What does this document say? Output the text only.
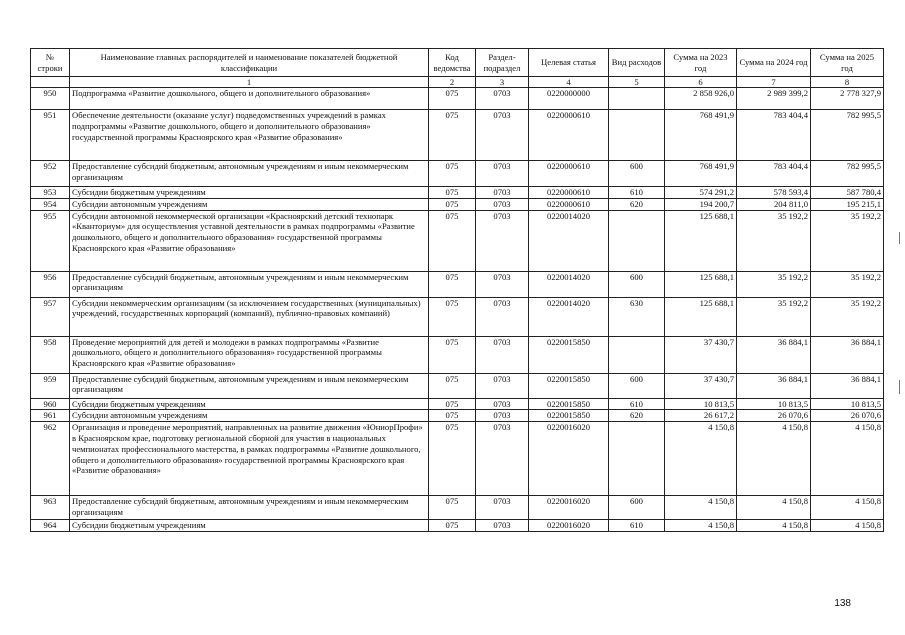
№ строки	Наименование главных распорядителей и наименование показателей бюджетной классификации	Код ведомства	Раздел-подраздел	Целевая статья	Вид расходов	Сумма на 2023 год	Сумма на 2024 год	Сумма на 2025 год
	1	2	3	4	5	6	7	8
950	Подпрограмма «Развитие дошкольного, общего и дополнительного образования»	075	0703	0220000000		2 858 926,0	2 989 399,2	2 778 327,9
951	Обеспечение деятельности (оказание услуг) подведомственных учреждений в рамках подпрограммы «Развитие дошкольного, общего и дополнительного образования» государственной программы Красноярского края «Развитие образования»	075	0703	0220000610		768 491,9	783 404,4	782 995,5
952	Предоставление субсидий бюджетным, автономным учреждениям и иным некоммерческим организациям	075	0703	0220000610	600	768 491,9	783 404,4	782 995,5
953	Субсидии бюджетным учреждениям	075	0703	0220000610	610	574 291,2	578 593,4	587 780,4
954	Субсидии автономным учреждениям	075	0703	0220000610	620	194 200,7	204 811,0	195 215,1
955	Субсидии автономной некоммерческой организации «Красноярский детский технопарк «Кванториум» для осуществления уставной деятельности в рамках подпрограммы «Развитие дошкольного, общего и дополнительного образования» государственной программы Красноярского края «Развитие образования»	075	0703	0220014020		125 688,1	35 192,2	35 192,2
956	Предоставление субсидий бюджетным, автономным учреждениям и иным некоммерческим организациям	075	0703	0220014020	600	125 688,1	35 192,2	35 192,2
957	Субсидии некоммерческим организациям (за исключением государственных (муниципальных) учреждений, государственных корпораций (компаний), публично-правовых компаний)	075	0703	0220014020	630	125 688,1	35 192,2	35 192,2
958	Проведение мероприятий для детей и молодежи в рамках подпрограммы «Развитие дошкольного, общего и дополнительного образования» государственной программы Красноярского края «Развитие образования»	075	0703	0220015850		37 430,7	36 884,1	36 884,1
959	Предоставление субсидий бюджетным, автономным учреждениям и иным некоммерческим организациям	075	0703	0220015850	600	37 430,7	36 884,1	36 884,1
960	Субсидии бюджетным учреждениям	075	0703	0220015850	610	10 813,5	10 813,5	10 813,5
961	Субсидии автономным учреждениям	075	0703	0220015850	620	26 617,2	26 070,6	26 070,6
962	Организация и проведение мероприятий, направленных на развитие движения «ЮниорПрофи» в Красноярском крае, подготовку региональной сборной для участия в национальных чемпионатах профессионального мастерства, в рамках подпрограммы «Развитие дошкольного, общего и дополнительного образования» государственной программы Красноярского края «Развитие образования»	075	0703	0220016020		4 150,8	4 150,8	4 150,8
963	Предоставление субсидий бюджетным, автономным учреждениям и иным некоммерческим организациям	075	0703	0220016020	600	4 150,8	4 150,8	4 150,8
964	Субсидии бюджетным учреждениям	075	0703	0220016020	610	4 150,8	4 150,8	4 150,8
138
